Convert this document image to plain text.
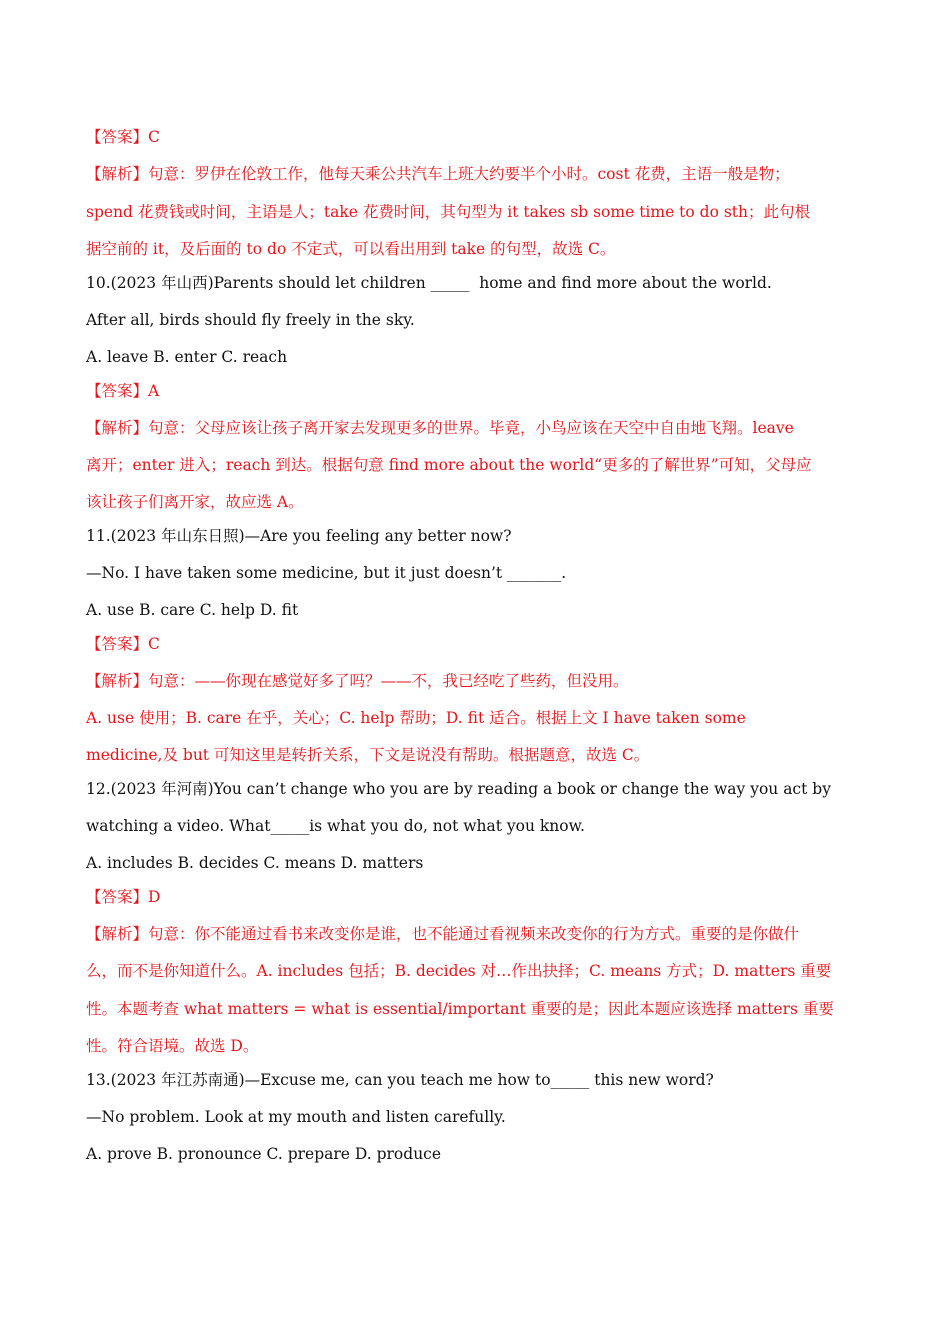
【答案】C

【解析】句意：罗伊在伦敦工作，他每天乘公共汽车上班大约要半个小时。cost 花费，主语一般是物；

spend 花费钱或时间，主语是人；take 花费时间，其句型为 it takes sb some time to do sth；此句根

据空前的 it，及后面的 to do 不定式，可以看出用到 take 的句型，故选 C。

10.(2023 年山西)Parents should let children _____  home and find more about the world.

After all, birds should fly freely in the sky.

A. leave B. enter C. reach

【答案】A

【解析】句意：父母应该让孩子离开家去发现更多的世界。毕竟，小鸟应该在天空中自由地飞翔。leave

离开；enter 进入；reach 到达。根据句意 find more about the world“更多的了解世界”可知，父母应

该让孩子们离开家，故应选 A。

11.(2023 年山东日照)—Are you feeling any better now?

—No. I have taken some medicine, but it just doesn’t _______.

A. use B. care C. help D. fit

【答案】C

【解析】句意：——你现在感觉好多了吗？——不，我已经吃了些药，但没用。

A. use 使用；B. care 在乎，关心；C. help 帮助；D. fit 适合。根据上文 I have taken some

medicine,及 but 可知这里是转折关系，下文是说没有帮助。根据题意，故选 C。

12.(2023 年河南)You can’t change who you are by reading a book or change the way you act by

watching a video. What_____is what you do, not what you know.

A. includes B. decides C. means D. matters

【答案】D

【解析】句意：你不能通过看书来改变你是谁，也不能通过看视频来改变你的行为方式。重要的是你做什

么，而不是你知道什么。A. includes 包括；B. decides 对…作出抉择；C. means 方式；D. matters 重要

性。本题考查 what matters = what is essential/important 重要的是；因此本题应该选择 matters 重要

性。符合语境。故选 D。

13.(2023 年江苏南通)—Excuse me, can you teach me how to_____ this new word?

—No problem. Look at my mouth and listen carefully.

A. prove B. pronounce C. prepare D. produce
